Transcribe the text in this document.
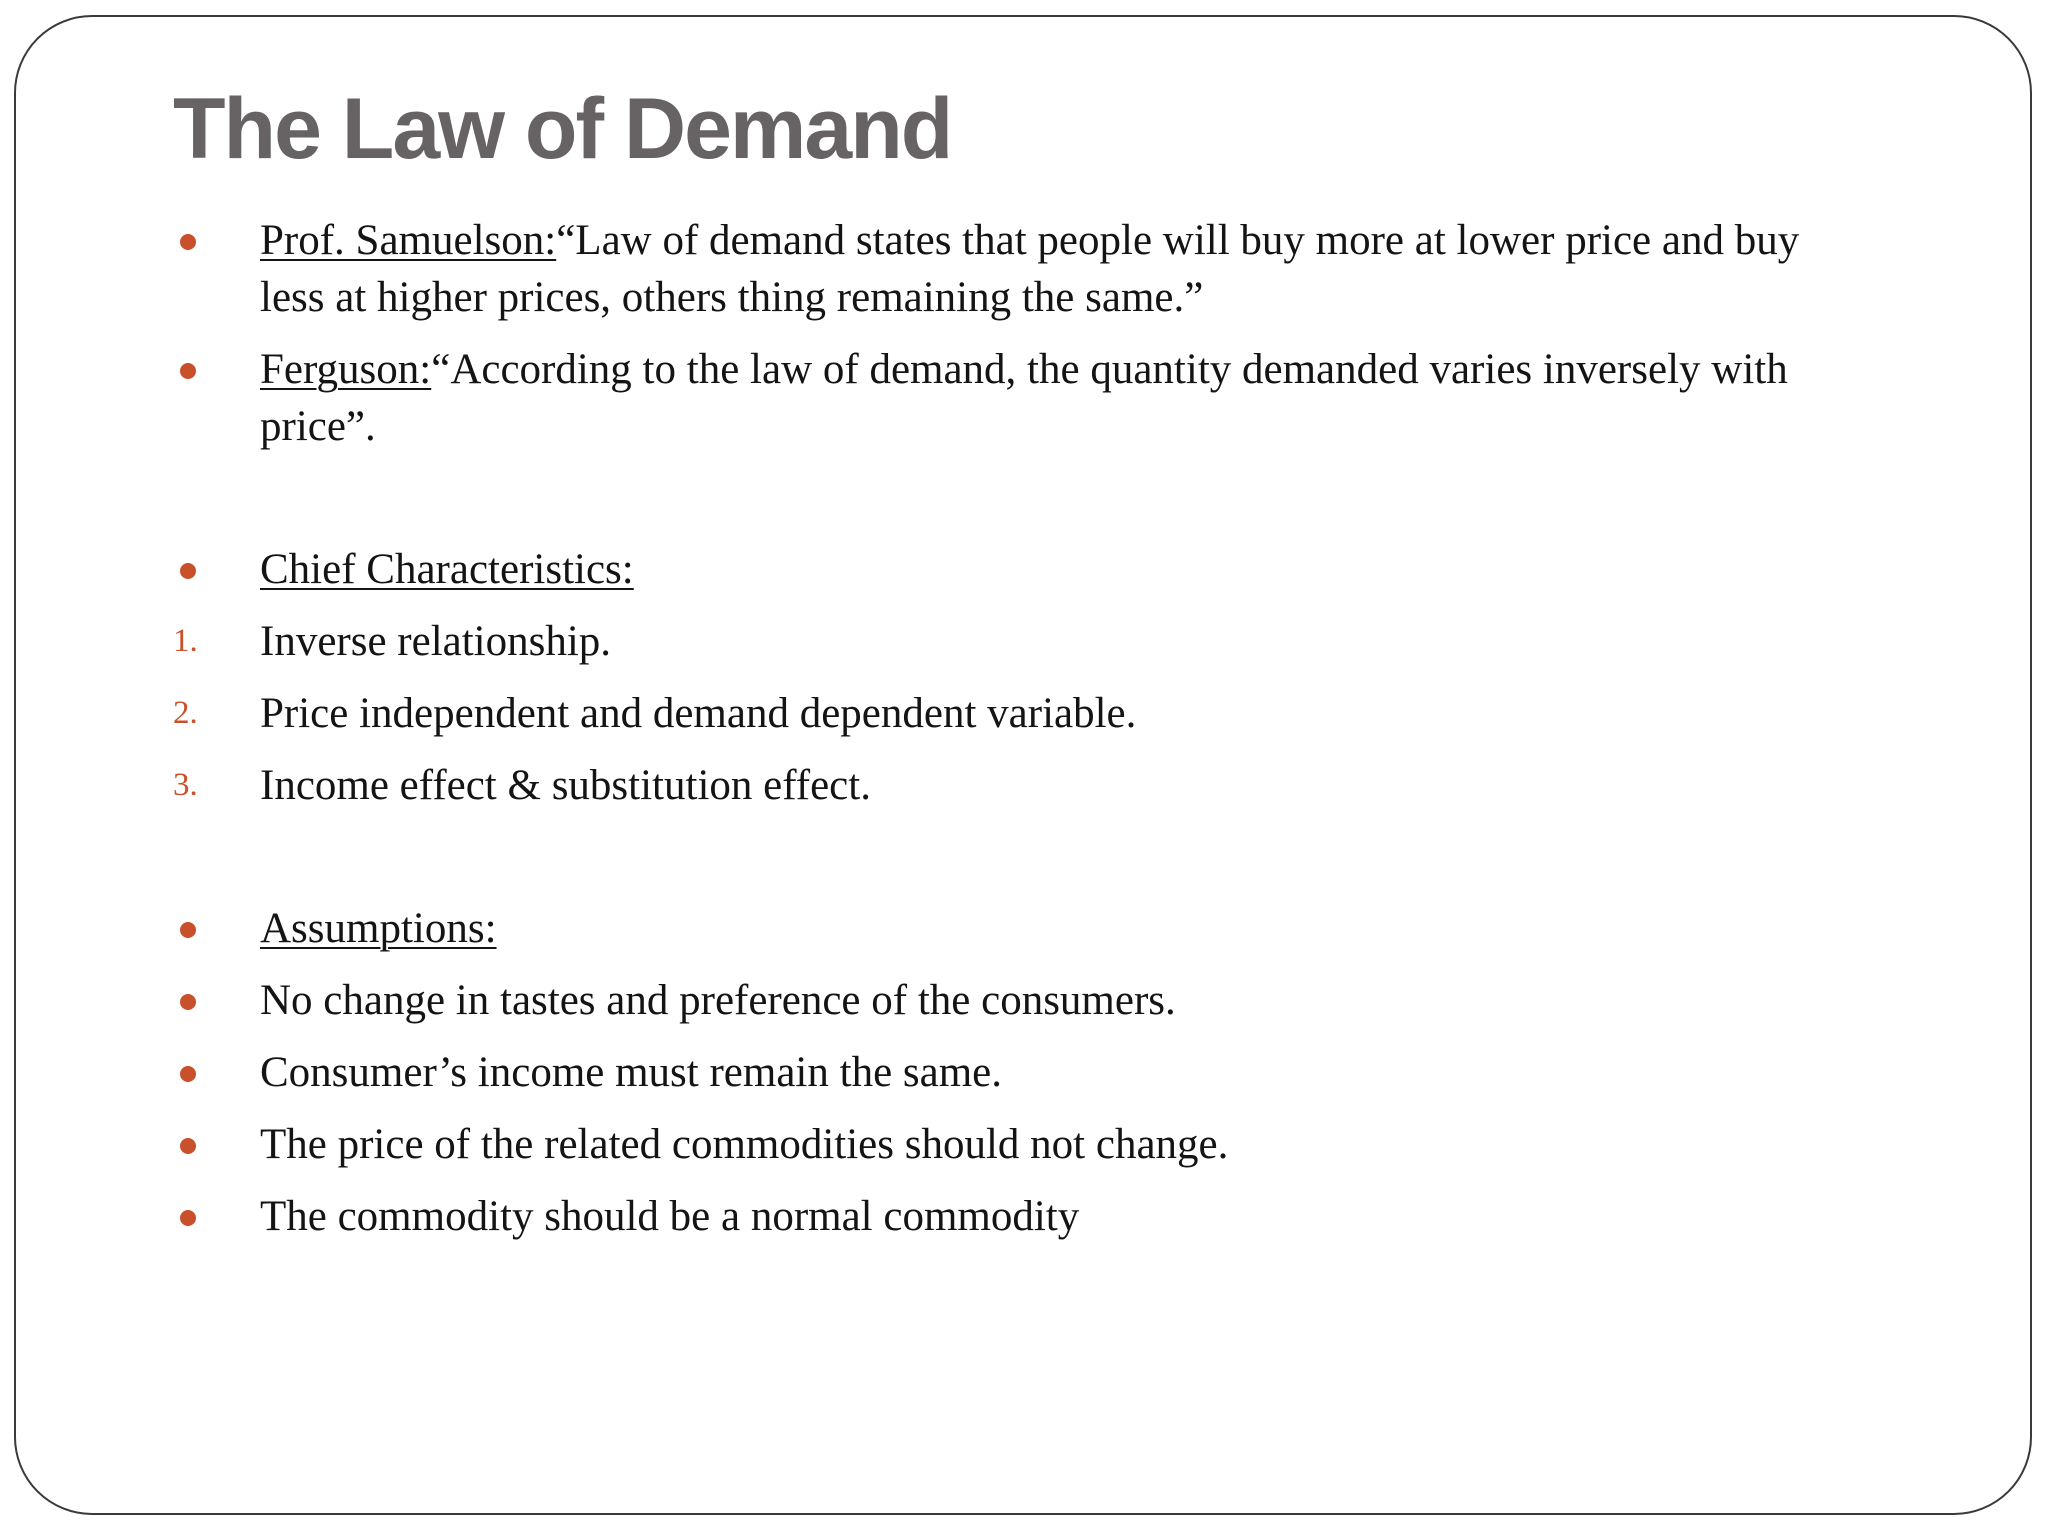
The Law of Demand

Prof. Samuelson:“Law of demand states that people will buy more at lower price and buy less at higher prices, others thing remaining the same.”

Ferguson:“According to the law of demand, the quantity demanded varies inversely with price”.

Chief Characteristics:

1.	Inverse relationship.

2.	Price independent and demand dependent variable.

3.	Income effect & substitution effect.

Assumptions:

No change in tastes and preference of the consumers.

Consumer’s income must remain the same.

The price of the related commodities should not change.

The commodity should be a normal commodity
